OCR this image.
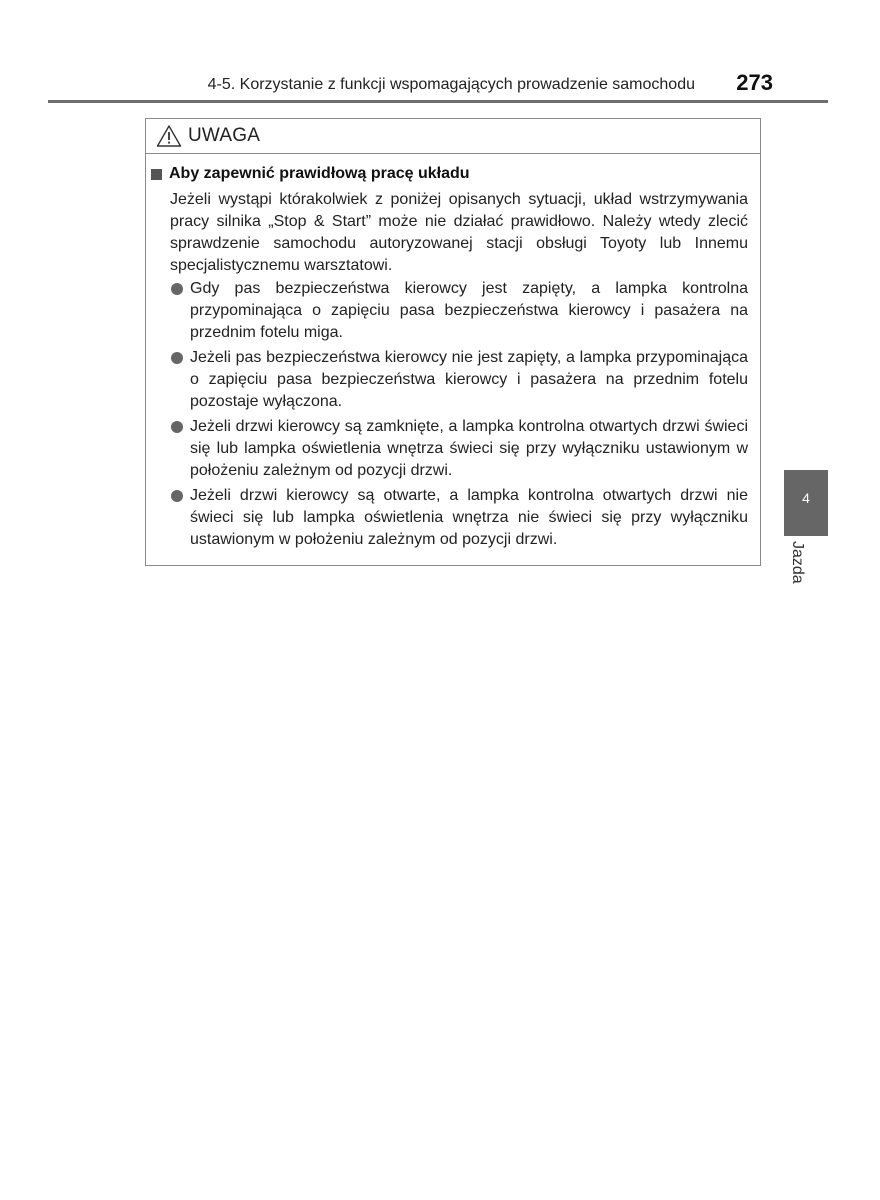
4-5. Korzystanie z funkcji wspomagających prowadzenie samochodu 273
UWAGA
Aby zapewnić prawidłową pracę układu
Jeżeli wystąpi którakolwiek z poniżej opisanych sytuacji, układ wstrzymywania pracy silnika „Stop & Start” może nie działać prawidłowo. Należy wtedy zlecić sprawdzenie samochodu autoryzowanej stacji obsługi Toyoty lub Innemu specjalistycznemu warsztatowi.
Gdy pas bezpieczeństwa kierowcy jest zapięty, a lampka kontrolna przypominająca o zapięciu pasa bezpieczeństwa kierowcy i pasażera na przednim fotelu miga.
Jeżeli pas bezpieczeństwa kierowcy nie jest zapięty, a lampka przypominająca o zapięciu pasa bezpieczeństwa kierowcy i pasażera na przednim fotelu pozostaje wyłączona.
Jeżeli drzwi kierowcy są zamknięte, a lampka kontrolna otwartych drzwi świeci się lub lampka oświetlenia wnętrza świeci się przy wyłączniku ustawionym w położeniu zależnym od pozycji drzwi.
Jeżeli drzwi kierowcy są otwarte, a lampka kontrolna otwartych drzwi nie świeci się lub lampka oświetlenia wnętrza nie świeci się przy wyłączniku ustawionym w położeniu zależnym od pozycji drzwi.
4
Jazda
